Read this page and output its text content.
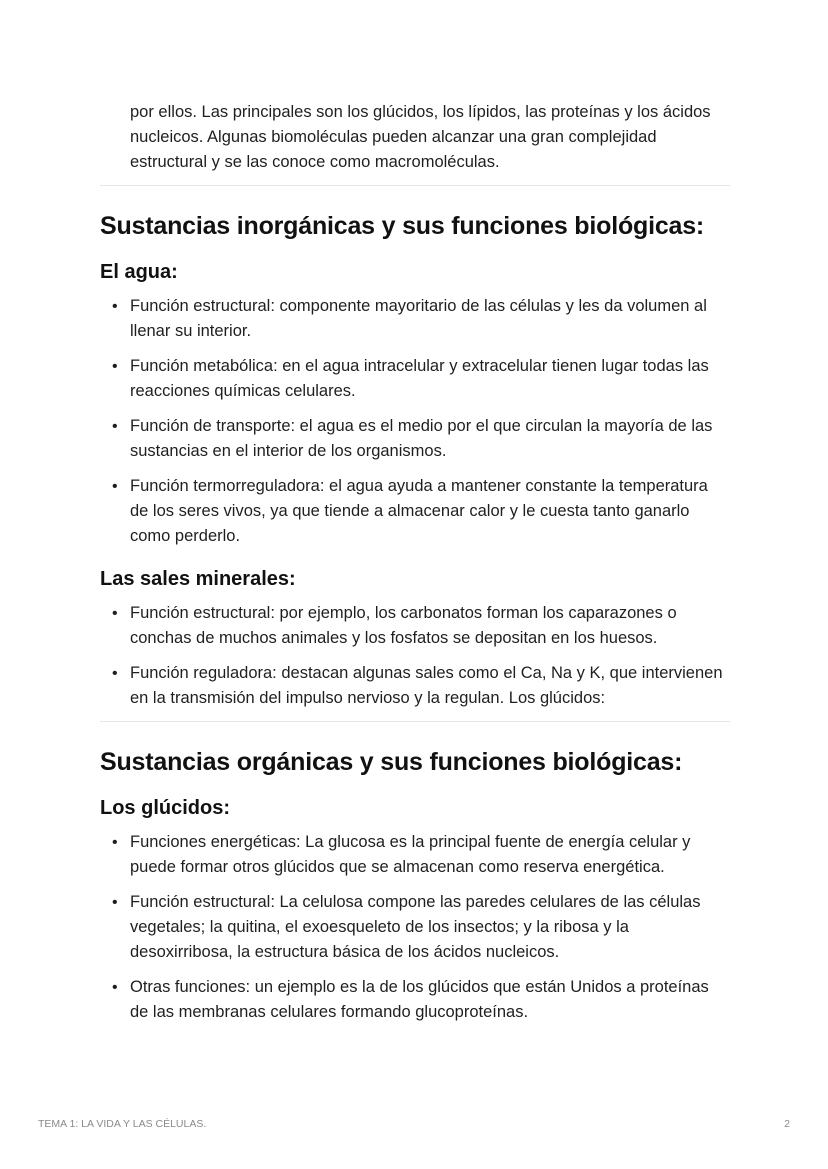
por ellos. Las principales son los glúcidos, los lípidos, las proteínas y los ácidos nucleicos. Algunas biomoléculas pueden alcanzar una gran complejidad estructural y se las conoce como macromoléculas.

Sustancias inorgánicas y sus funciones biológicas:
El agua:
• Función estructural: componente mayoritario de las células y les da volumen al llenar su interior.
• Función metabólica: en el agua intracelular y extracelular tienen lugar todas las reacciones químicas celulares.
• Función de transporte: el agua es el medio por el que circulan la mayoría de las sustancias en el interior de los organismos.
• Función termorreguladora: el agua ayuda a mantener constante la temperatura de los seres vivos, ya que tiende a almacenar calor y le cuesta tanto ganarlo como perderlo.
Las sales minerales:
• Función estructural: por ejemplo, los carbonatos forman los caparazones o conchas de muchos animales y los fosfatos se depositan en los huesos.
• Función reguladora: destacan algunas sales como el Ca, Na y K, que intervienen en la transmisión del impulso nervioso y la regulan. Los glúcidos:
Sustancias orgánicas y sus funciones biológicas:
Los glúcidos:
• Funciones energéticas: La glucosa es la principal fuente de energía celular y puede formar otros glúcidos que se almacenan como reserva energética.
• Función estructural: La celulosa compone las paredes celulares de las células vegetales; la quitina, el exoesqueleto de los insectos; y la ribosa y la desoxirribosa, la estructura básica de los ácidos nucleicos.
• Otras funciones: un ejemplo es la de los glúcidos que están Unidos a proteínas de las membranas celulares formando glucoproteínas.
TEMA 1: LA VIDA Y LAS CÉLULAS.	2
